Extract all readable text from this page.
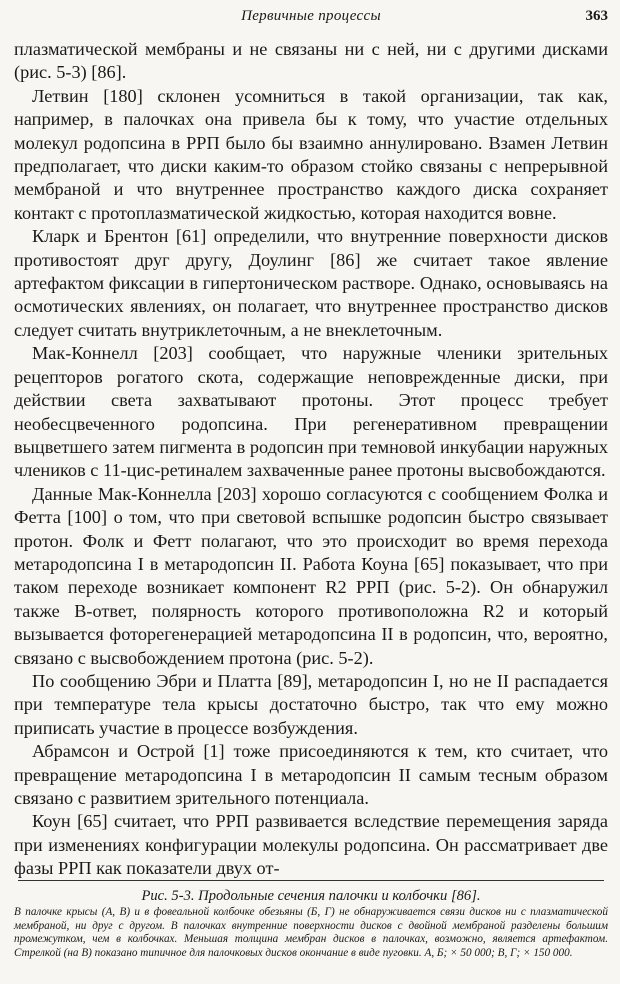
Первичные процессы	363

плазматической мембраны и не связаны ни с ней, ни с другими дисками (рис. 5-3) [86].

Летвин [180] склонен усомниться в такой организации, так как, например, в палочках она привела бы к тому, что участие отдельных молекул родопсина в РРП было бы взаимно аннулировано. Взамен Летвин предполагает, что диски каким-то образом стойко связаны с непрерывной мембраной и что внутреннее пространство каждого диска сохраняет контакт с протоплазматической жидкостью, которая находится вовне.

Кларк и Брентон [61] определили, что внутренние поверхности дисков противостоят друг другу, Доулинг [86] же считает такое явление артефактом фиксации в гипертоническом растворе. Однако, основываясь на осмотических явлениях, он полагает, что внутреннее пространство дисков следует считать внутриклеточным, а не внеклеточным.

Мак-Коннелл [203] сообщает, что наружные членики зрительных рецепторов рогатого скота, содержащие неповрежденные диски, при действии света захватывают протоны. Этот процесс требует необесцвеченного родопсина. При регенеративном превращении выцветшего затем пигмента в родопсин при темновой инкубации наружных члеников с 11-цис-ретиналем захваченные ранее протоны высвобождаются.

Данные Мак-Коннелла [203] хорошо согласуются с сообщением Фолка и Фетта [100] о том, что при световой вспышке родопсин быстро связывает протон. Фолк и Фетт полагают, что это происходит во время перехода метародопсина I в метародопсин II. Работа Коуна [65] показывает, что при таком переходе возникает компонент R2 РРП (рис. 5-2). Он обнаружил также B-ответ, полярность которого противоположна R2 и который вызывается фоторегенерацией метародопсина II в родопсин, что, вероятно, связано с высвобождением протона (рис. 5-2).

По сообщению Эбри и Платта [89], метародопсин I, но не II распадается при температуре тела крысы достаточно быстро, так что ему можно приписать участие в процессе возбуждения.

Абрамсон и Острой [1] тоже присоединяются к тем, кто считает, что превращение метародопсина I в метародопсин II самым тесным образом связано с развитием зрительного потенциала.

Коун [65] считает, что РРП развивается вследствие перемещения заряда при изменениях конфигурации молекулы родопсина. Он рассматривает две фазы РРП как показатели двух от-

Рис. 5-3. Продольные сечения палочки и колбочки [86].
В палочке крысы (А, В) и в фовеальной колбочке обезьяны (Б, Г) не обнаруживается связи дисков ни с плазматической мембраной, ни друг с другом. В палочках внутренние поверхности дисков с двойной мембраной разделены большим промежутком, чем в колбочках. Меньшая толщина мембран дисков в палочках, возможно, является артефактом. Стрелкой (на В) показано типичное для палочковых дисков окончание в виде пуговки. А, Б; × 50 000; В, Г; × 150 000.
